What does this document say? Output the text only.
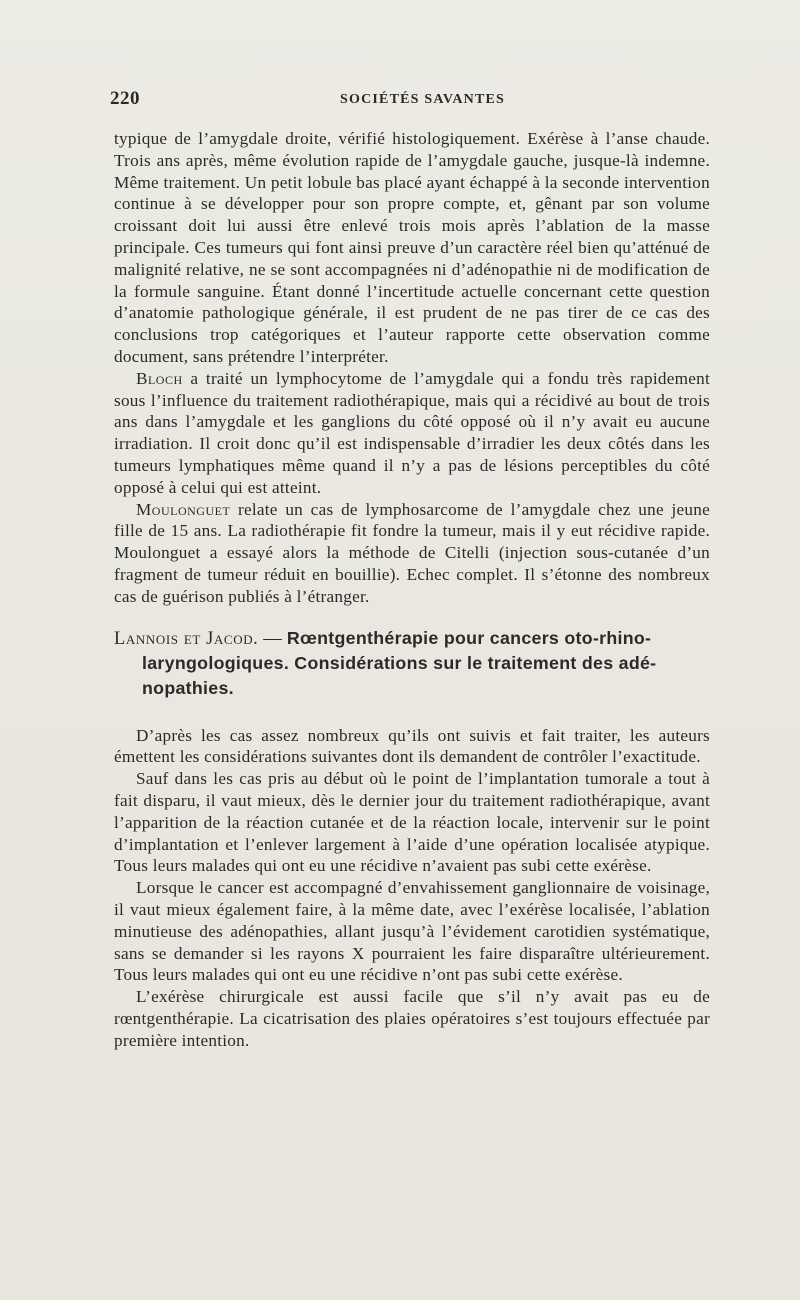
220	SOCIÉTÉS SAVANTES

typique de l’amygdale droite, vérifié histologiquement. Exérèse à l’anse chaude. Trois ans après, même évolution rapide de l’amygdale gauche, jusque-là indemne. Même traitement. Un petit lobule bas placé ayant échappé à la seconde intervention continue à se développer pour son propre compte, et, gênant par son volume croissant doit lui aussi être enlevé trois mois après l’ablation de la masse principale. Ces tumeurs qui font ainsi preuve d’un caractère réel bien qu’atténué de malignité relative, ne se sont accompagnées ni d’adénopathie ni de modification de la formule sanguine. Étant donné l’incertitude actuelle concernant cette question d’anatomie pathologique générale, il est prudent de ne pas tirer de ce cas des conclusions trop catégoriques et l’auteur rapporte cette observation comme document, sans prétendre l’interpréter.

Bloch a traité un lymphocytome de l’amygdale qui a fondu très rapidement sous l’influence du traitement radiothérapique, mais qui a récidivé au bout de trois ans dans l’amygdale et les ganglions du côté opposé où il n’y avait eu aucune irradiation. Il croit donc qu’il est indispensable d’irradier les deux côtés dans les tumeurs lymphatiques même quand il n’y a pas de lésions perceptibles du côté opposé à celui qui est atteint.

Moulonguet relate un cas de lymphosarcome de l’amygdale chez une jeune fille de 15 ans. La radiothérapie fit fondre la tumeur, mais il y eut récidive rapide. Moulonguet a essayé alors la méthode de Citelli (injection sous-cutanée d’un fragment de tumeur réduit en bouillie). Echec complet. Il s’étonne des nombreux cas de guérison publiés à l’étranger.

Lannois et Jacod. — Rœntgenthérapie pour cancers oto-rhino-
laryngologiques. Considérations sur le traitement des adé-
nopathies.

D’après les cas assez nombreux qu’ils ont suivis et fait traiter, les auteurs émettent les considérations suivantes dont ils demandent de contrôler l’exactitude.

Sauf dans les cas pris au début où le point de l’implantation tumorale a tout à fait disparu, il vaut mieux, dès le dernier jour du traitement radiothérapique, avant l’apparition de la réaction cutanée et de la réaction locale, intervenir sur le point d’implantation et l’enlever largement à l’aide d’une opération localisée atypique. Tous leurs malades qui ont eu une récidive n’avaient pas subi cette exérèse.

Lorsque le cancer est accompagné d’envahissement ganglionnaire de voisinage, il vaut mieux également faire, à la même date, avec l’exérèse localisée, l’ablation minutieuse des adénopathies, allant jusqu’à l’évidement carotidien systématique, sans se demander si les rayons X pourraient les faire disparaître ultérieurement. Tous leurs malades qui ont eu une récidive n’ont pas subi cette exérèse.

L’exérèse chirurgicale est aussi facile que s’il n’y avait pas eu de rœntgenthérapie. La cicatrisation des plaies opératoires s’est toujours effectuée par première intention.
